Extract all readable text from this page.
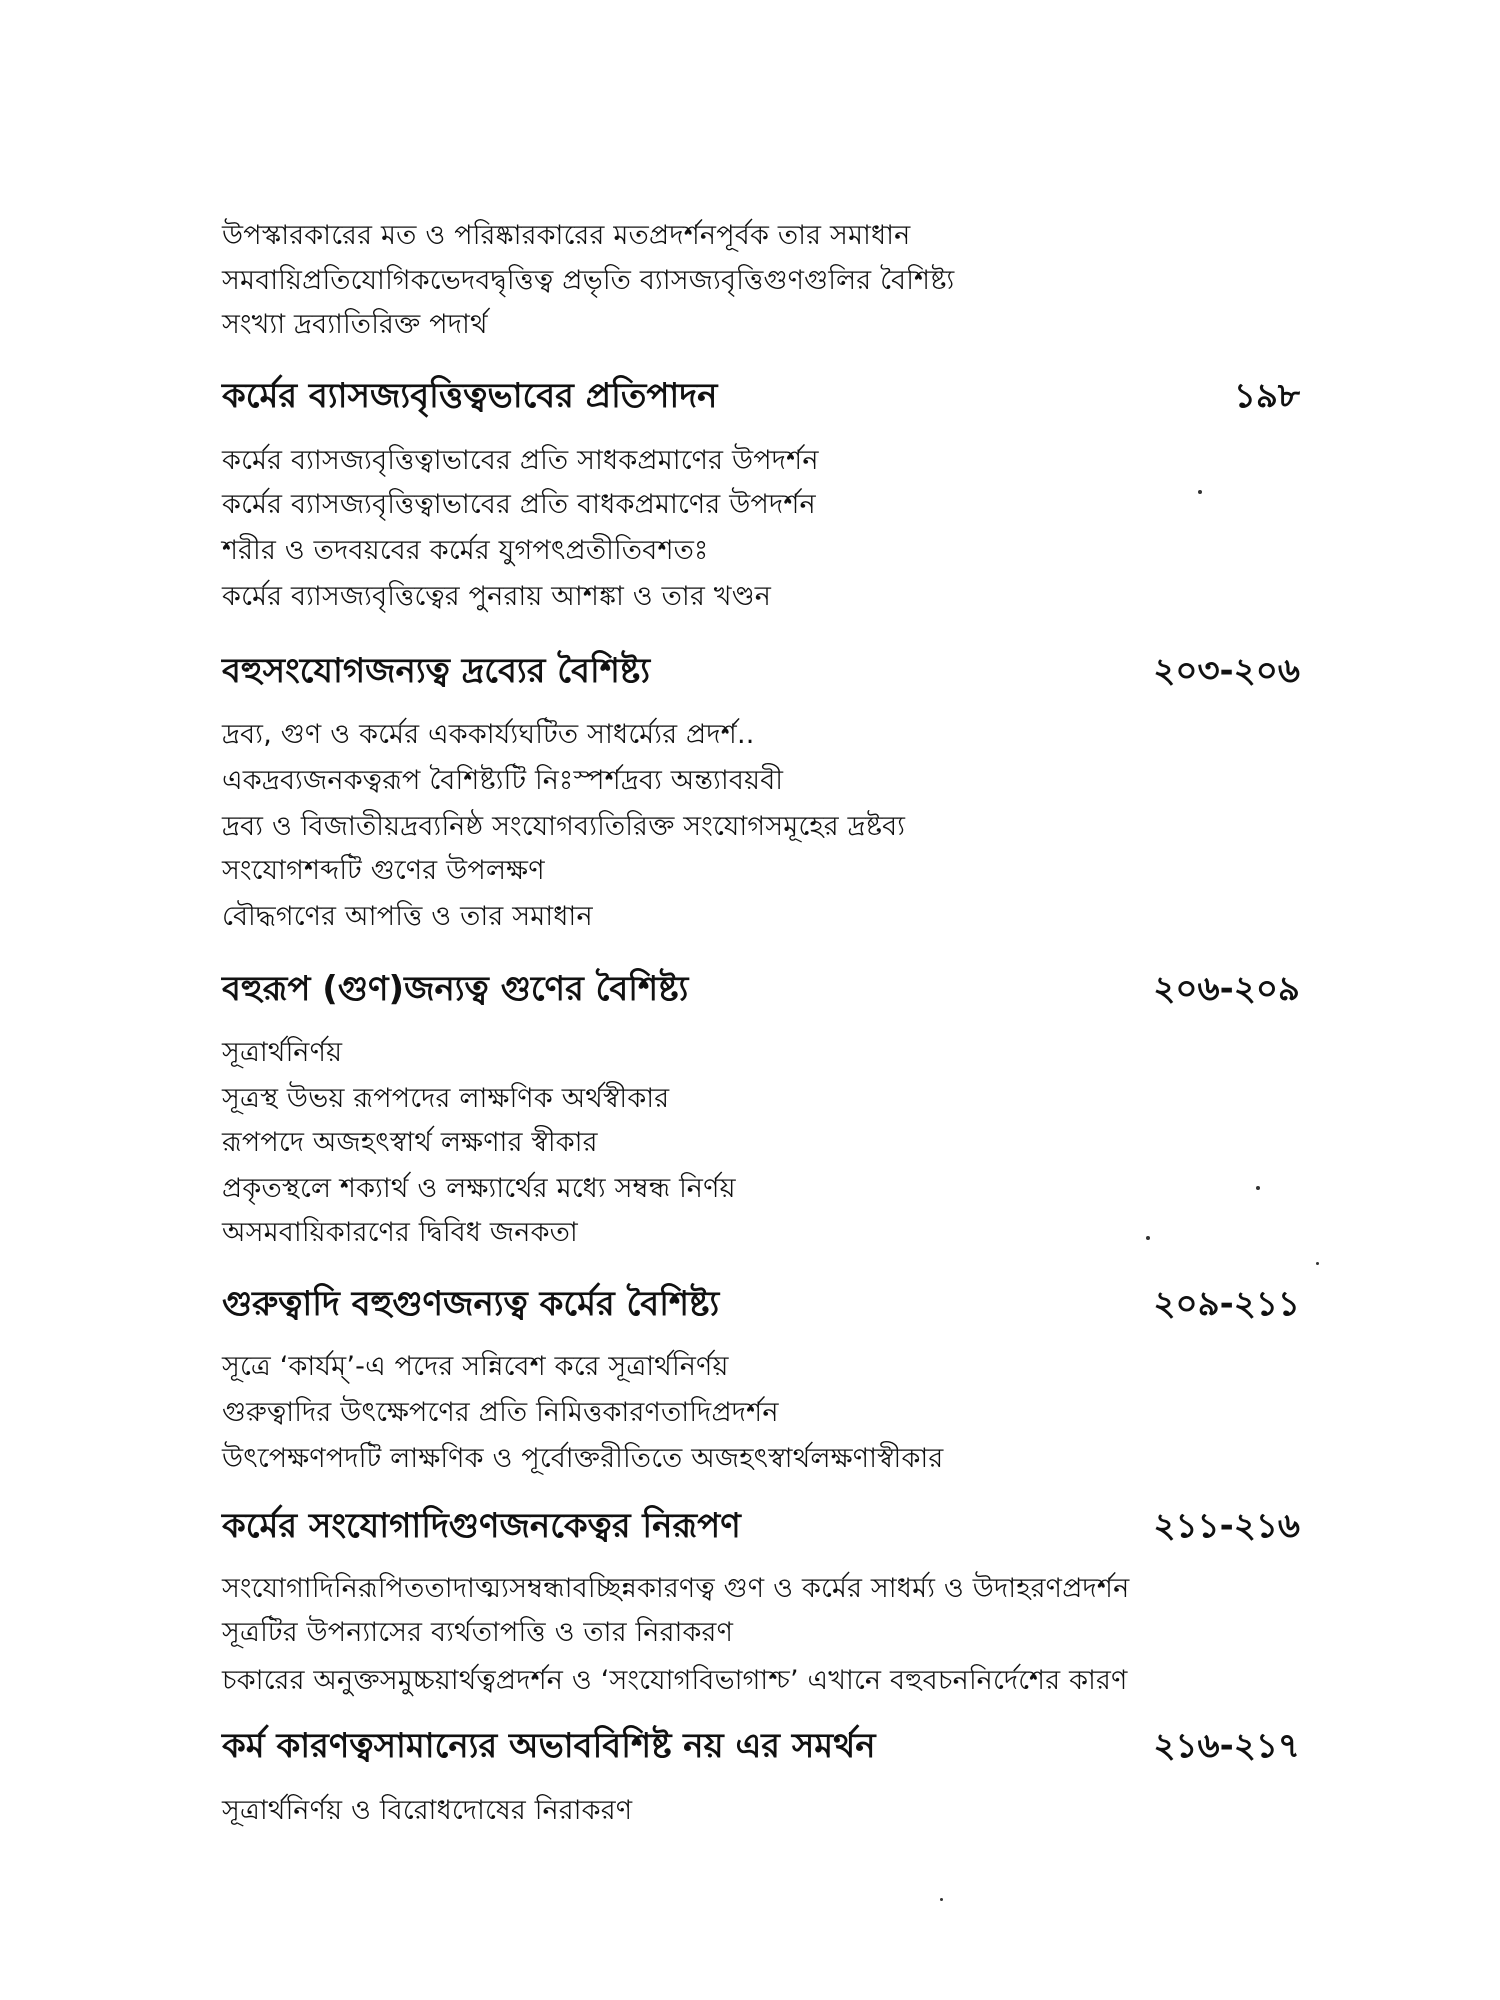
উপস্কারকারের মত ও পরিষ্কারকারের মতপ্রদর্শনপূর্বক তার সমাধান
সমবায়িপ্রতিযোগিকভেদবদ্বৃত্তিত্ব প্রভৃতি ব্যাসজ্যবৃত্তিগুণগুলির বৈশিষ্ট্য
সংখ্যা দ্রব্যাতিরিক্ত পদার্থ
কর্মের ব্যাসজ্যবৃত্তিত্বভাবের প্রতিপাদন	১৯৮
কর্মের ব্যাসজ্যবৃত্তিত্বাভাবের প্রতি সাধকপ্রমাণের উপদর্শন
কর্মের ব্যাসজ্যবৃত্তিত্বাভাবের প্রতি বাধকপ্রমাণের উপদর্শন
শরীর ও তদবয়বের কর্মের যুগপৎপ্রতীতিবশতঃ
কর্মের ব্যাসজ্যবৃত্তিত্বের পুনরায় আশঙ্কা ও তার খণ্ডন
বহুসংযোগজন্যত্ব দ্রব্যের বৈশিষ্ট্য	২০৩-২০৬
দ্রব্য, গুণ ও কর্মের এককার্য্যঘটিত সাধর্ম্যের প্রদর্শ..
একদ্রব্যজনকত্বরূপ বৈশিষ্ট্যটি নিঃস্পর্শদ্রব্য অন্ত্যাবয়বী
দ্রব্য ও বিজাতীয়দ্রব্যনিষ্ঠ সংযোগব্যতিরিক্ত সংযোগসমূহের দ্রষ্টব্য
সংযোগশব্দটি গুণের উপলক্ষণ
বৌদ্ধগণের আপত্তি ও তার সমাধান
বহুরূপ (গুণ)জন্যত্ব গুণের বৈশিষ্ট্য	২০৬-২০৯
সূত্রার্থনির্ণয়
সূত্রস্থ উভয় রূপপদের লাক্ষণিক অর্থস্বীকার
রূপপদে অজহৎস্বার্থ লক্ষণার স্বীকার
প্রকৃতস্থলে শক্যার্থ ও লক্ষ্যার্থের মধ্যে সম্বন্ধ নির্ণয়
অসমবায়িকারণের দ্বিবিধ জনকতা
গুরুত্বাদি বহুগুণজন্যত্ব কর্মের বৈশিষ্ট্য	২০৯-২১১
সূত্রে ‘কার্যম্’-এ পদের সন্নিবেশ করে সূত্রার্থনির্ণয়
গুরুত্বাদির উৎক্ষেপণের প্রতি নিমিত্তকারণতাদিপ্রদর্শন
উৎপেক্ষণপদটি লাক্ষণিক ও পূর্বোক্তরীতিতে অজহৎস্বার্থলক্ষণাস্বীকার
কর্মের সংযোগাদিগুণজনকেত্বর নিরূপণ	২১১-২১৬
সংযোগাদিনিরূপিততাদাত্ম্যসম্বন্ধাবচ্ছিন্নকারণত্ব গুণ ও কর্মের সাধর্ম্য ও উদাহরণপ্রদর্শন
সূত্রটির উপন্যাসের ব্যর্থতাপত্তি ও তার নিরাকরণ
চকারের অনুক্তসমুচ্চয়ার্থত্বপ্রদর্শন ও ‘সংযোগবিভাগাশ্চ’ এখানে বহুবচননির্দেশের কারণ
কর্ম কারণত্বসামান্যের অভাববিশিষ্ট নয় এর সমর্থন	২১৬-২১৭
সূত্রার্থনির্ণয় ও বিরোধদোষের নিরাকরণ
